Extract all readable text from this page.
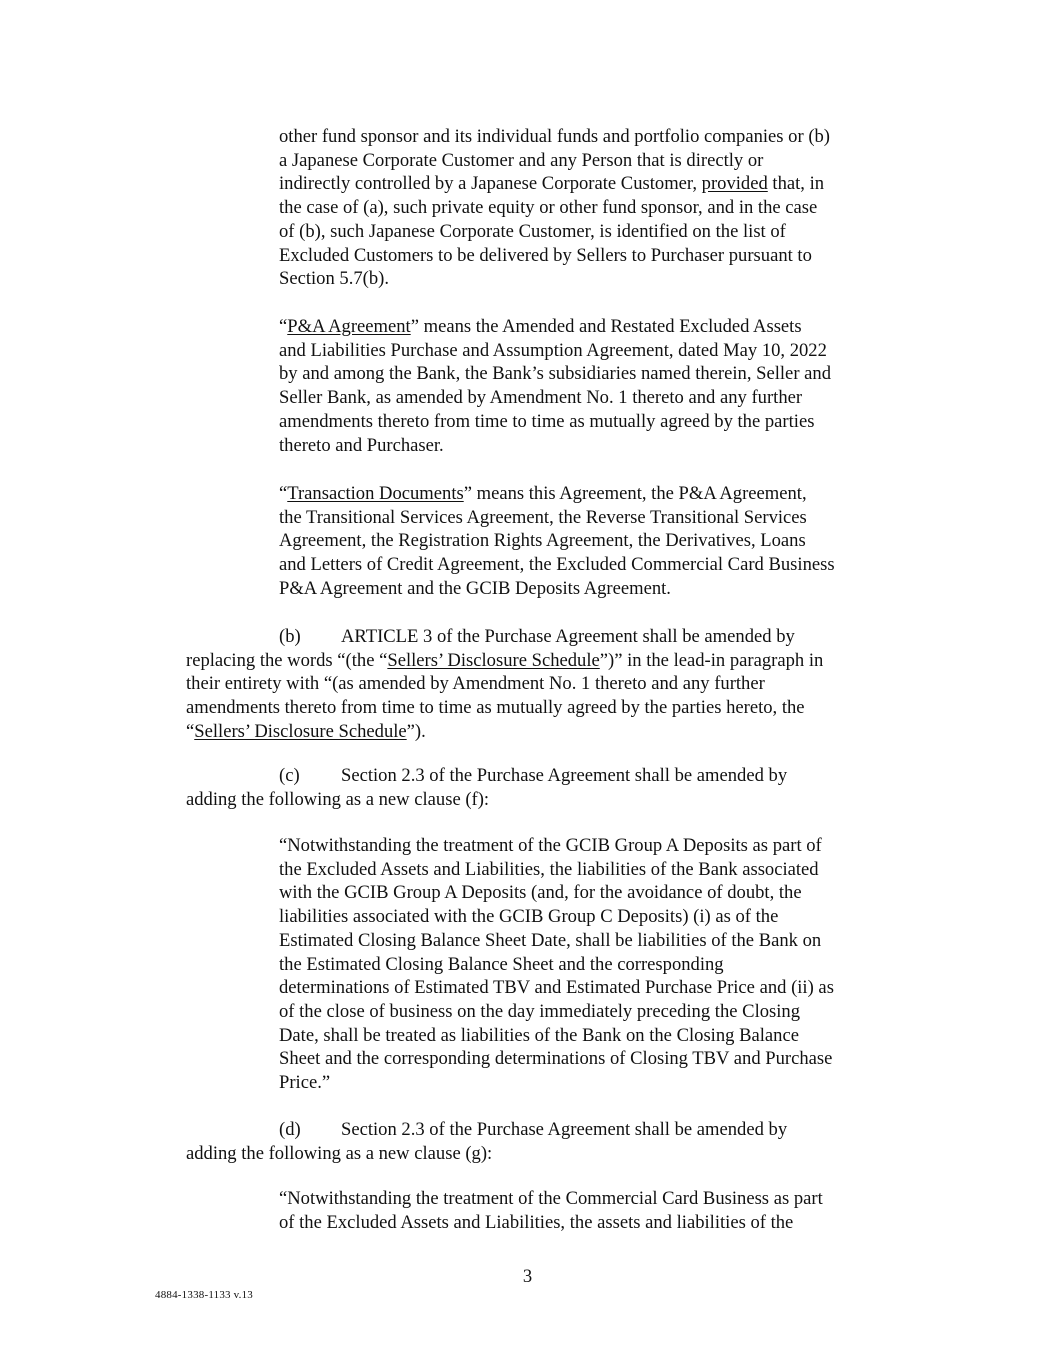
other fund sponsor and its individual funds and portfolio companies or (b)
a Japanese Corporate Customer and any Person that is directly or
indirectly controlled by a Japanese Corporate Customer, provided that, in
the case of (a), such private equity or other fund sponsor, and in the case
of (b), such Japanese Corporate Customer, is identified on the list of
Excluded Customers to be delivered by Sellers to Purchaser pursuant to
Section 5.7(b).
“P&A Agreement” means the Amended and Restated Excluded Assets
and Liabilities Purchase and Assumption Agreement, dated May 10, 2022
by and among the Bank, the Bank’s subsidiaries named therein, Seller and
Seller Bank, as amended by Amendment No. 1 thereto and any further
amendments thereto from time to time as mutually agreed by the parties
thereto and Purchaser.
“Transaction Documents” means this Agreement, the P&A Agreement,
the Transitional Services Agreement, the Reverse Transitional Services
Agreement, the Registration Rights Agreement, the Derivatives, Loans
and Letters of Credit Agreement, the Excluded Commercial Card Business
P&A Agreement and the GCIB Deposits Agreement.
(b) ARTICLE 3 of the Purchase Agreement shall be amended by
replacing the words “(the “Sellers’ Disclosure Schedule”)” in the lead-in paragraph in
their entirety with “(as amended by Amendment No. 1 thereto and any further
amendments thereto from time to time as mutually agreed by the parties hereto, the
“Sellers’ Disclosure Schedule”).
(c) Section 2.3 of the Purchase Agreement shall be amended by
adding the following as a new clause (f):
“Notwithstanding the treatment of the GCIB Group A Deposits as part of
the Excluded Assets and Liabilities, the liabilities of the Bank associated
with the GCIB Group A Deposits (and, for the avoidance of doubt, the
liabilities associated with the GCIB Group C Deposits) (i) as of the
Estimated Closing Balance Sheet Date, shall be liabilities of the Bank on
the Estimated Closing Balance Sheet and the corresponding
determinations of Estimated TBV and Estimated Purchase Price and (ii) as
of the close of business on the day immediately preceding the Closing
Date, shall be treated as liabilities of the Bank on the Closing Balance
Sheet and the corresponding determinations of Closing TBV and Purchase
Price.”
(d) Section 2.3 of the Purchase Agreement shall be amended by
adding the following as a new clause (g):
“Notwithstanding the treatment of the Commercial Card Business as part
of the Excluded Assets and Liabilities, the assets and liabilities of the
3
4884-1338-1133 v.13
